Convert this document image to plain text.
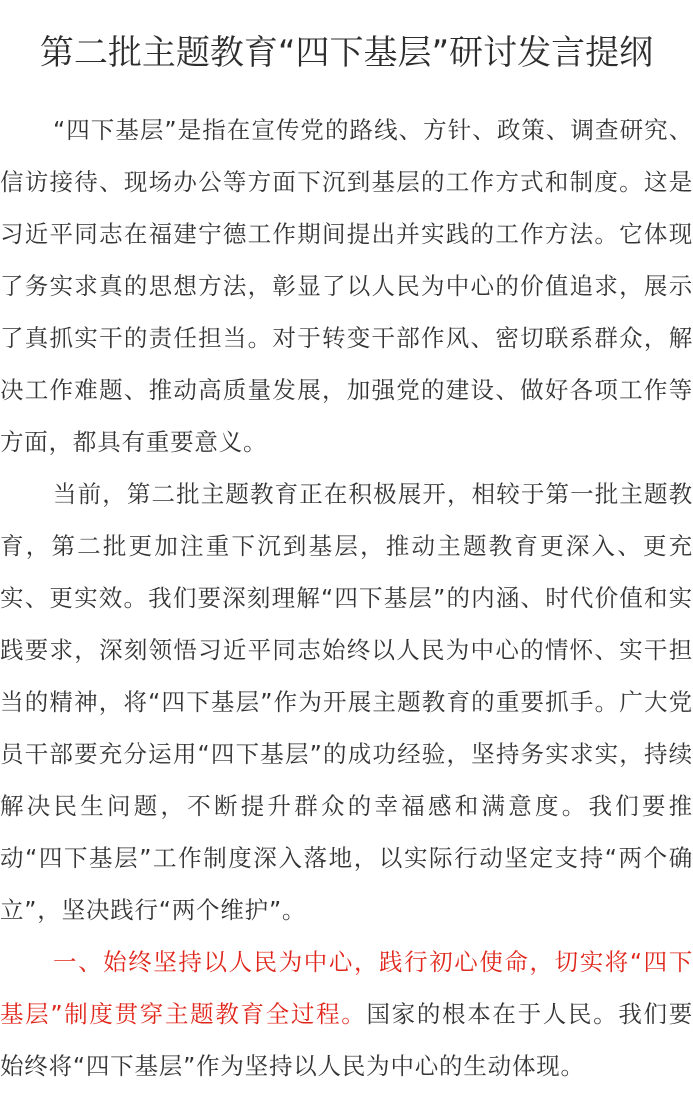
第二批主题教育“四下基层”研讨发言提纲

“四下基层”是指在宣传党的路线、方针、政策、调查研究、信访接待、现场办公等方面下沉到基层的工作方式和制度。这是习近平同志在福建宁德工作期间提出并实践的工作方法。它体现了务实求真的思想方法，彰显了以人民为中心的价值追求，展示了真抓实干的责任担当。对于转变干部作风、密切联系群众，解决工作难题、推动高质量发展，加强党的建设、做好各项工作等方面，都具有重要意义。

当前，第二批主题教育正在积极展开，相较于第一批主题教育，第二批更加注重下沉到基层，推动主题教育更深入、更充实、更实效。我们要深刻理解“四下基层”的内涵、时代价值和实践要求，深刻领悟习近平同志始终以人民为中心的情怀、实干担当的精神，将“四下基层”作为开展主题教育的重要抓手。广大党员干部要充分运用“四下基层”的成功经验，坚持务实求实，持续解决民生问题，不断提升群众的幸福感和满意度。我们要推动“四下基层”工作制度深入落地，以实际行动坚定支持“两个确立”，坚决践行“两个维护”。

一、始终坚持以人民为中心，践行初心使命，切实将“四下基层”制度贯穿主题教育全过程。国家的根本在于人民。我们要始终将“四下基层”作为坚持以人民为中心的生动体现。
